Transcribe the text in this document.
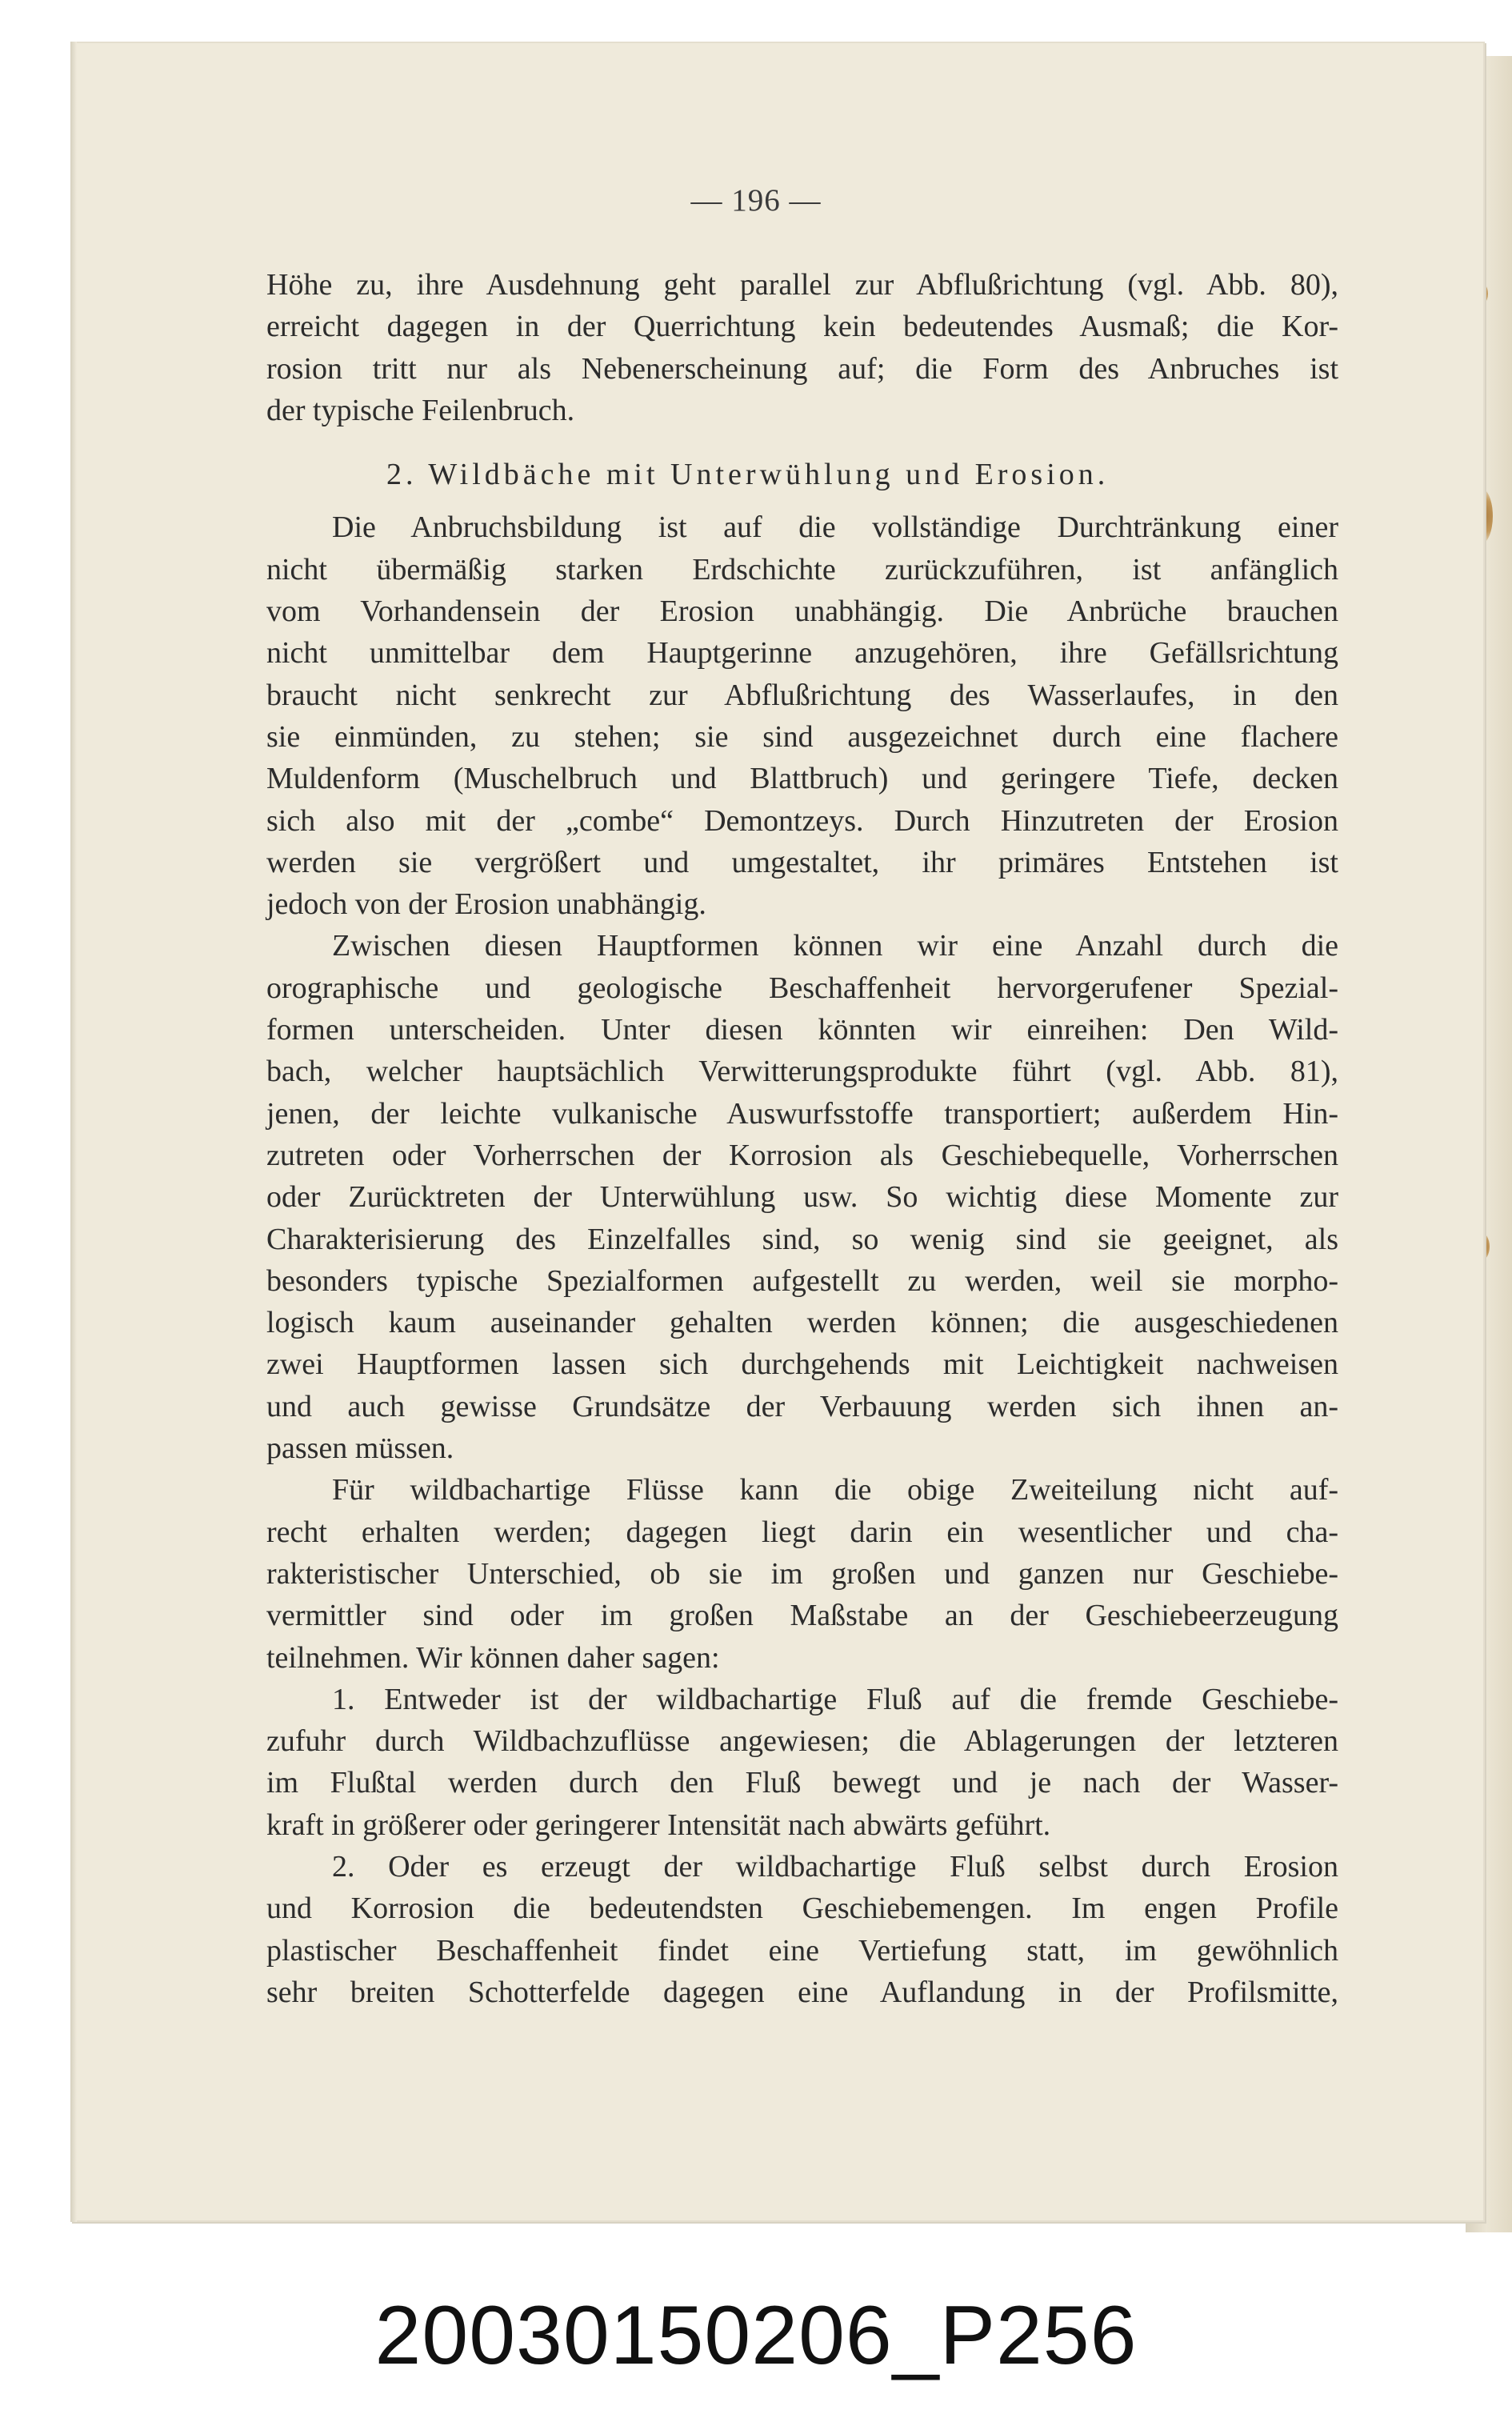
— 196 —

Höhe zu, ihre Ausdehnung geht parallel zur Abflußrichtung (vgl. Abb. 80),
erreicht dagegen in der Querrichtung kein bedeutendes Ausmaß; die Kor-
rosion tritt nur als Nebenerscheinung auf; die Form des Anbruches ist
der typische Feilenbruch.

2. Wildbäche mit Unterwühlung und Erosion.

Die Anbruchsbildung ist auf die vollständige Durchtränkung einer
nicht übermäßig starken Erdschichte zurückzuführen, ist anfänglich
vom Vorhandensein der Erosion unabhängig. Die Anbrüche brauchen
nicht unmittelbar dem Hauptgerinne anzugehören, ihre Gefällsrichtung
braucht nicht senkrecht zur Abflußrichtung des Wasserlaufes, in den
sie einmünden, zu stehen; sie sind ausgezeichnet durch eine flachere
Muldenform (Muschelbruch und Blattbruch) und geringere Tiefe, decken
sich also mit der „combe“ Demontzeys. Durch Hinzutreten der Erosion
werden sie vergrößert und umgestaltet, ihr primäres Entstehen ist
jedoch von der Erosion unabhängig.

Zwischen diesen Hauptformen können wir eine Anzahl durch die
orographische und geologische Beschaffenheit hervorgerufener Spezial-
formen unterscheiden. Unter diesen könnten wir einreihen: Den Wild-
bach, welcher hauptsächlich Verwitterungsprodukte führt (vgl. Abb. 81),
jenen, der leichte vulkanische Auswurfsstoffe transportiert; außerdem Hin-
zutreten oder Vorherrschen der Korrosion als Geschiebequelle, Vorherrschen
oder Zurücktreten der Unterwühlung usw. So wichtig diese Momente zur
Charakterisierung des Einzelfalles sind, so wenig sind sie geeignet, als
besonders typische Spezialformen aufgestellt zu werden, weil sie morpho-
logisch kaum auseinander gehalten werden können; die ausgeschiedenen
zwei Hauptformen lassen sich durchgehends mit Leichtigkeit nachweisen
und auch gewisse Grundsätze der Verbauung werden sich ihnen an-
passen müssen.

Für wildbachartige Flüsse kann die obige Zweiteilung nicht auf-
recht erhalten werden; dagegen liegt darin ein wesentlicher und cha-
rakteristischer Unterschied, ob sie im großen und ganzen nur Geschiebe-
vermittler sind oder im großen Maßstabe an der Geschiebeerzeugung
teilnehmen. Wir können daher sagen:

1. Entweder ist der wildbachartige Fluß auf die fremde Geschiebe-
zufuhr durch Wildbachzuflüsse angewiesen; die Ablagerungen der letzteren
im Flußtal werden durch den Fluß bewegt und je nach der Wasser-
kraft in größerer oder geringerer Intensität nach abwärts geführt.

2. Oder es erzeugt der wildbachartige Fluß selbst durch Erosion
und Korrosion die bedeutendsten Geschiebemengen. Im engen Profile
plastischer Beschaffenheit findet eine Vertiefung statt, im gewöhnlich
sehr breiten Schotterfelde dagegen eine Auflandung in der Profilsmitte,

20030150206_P256
